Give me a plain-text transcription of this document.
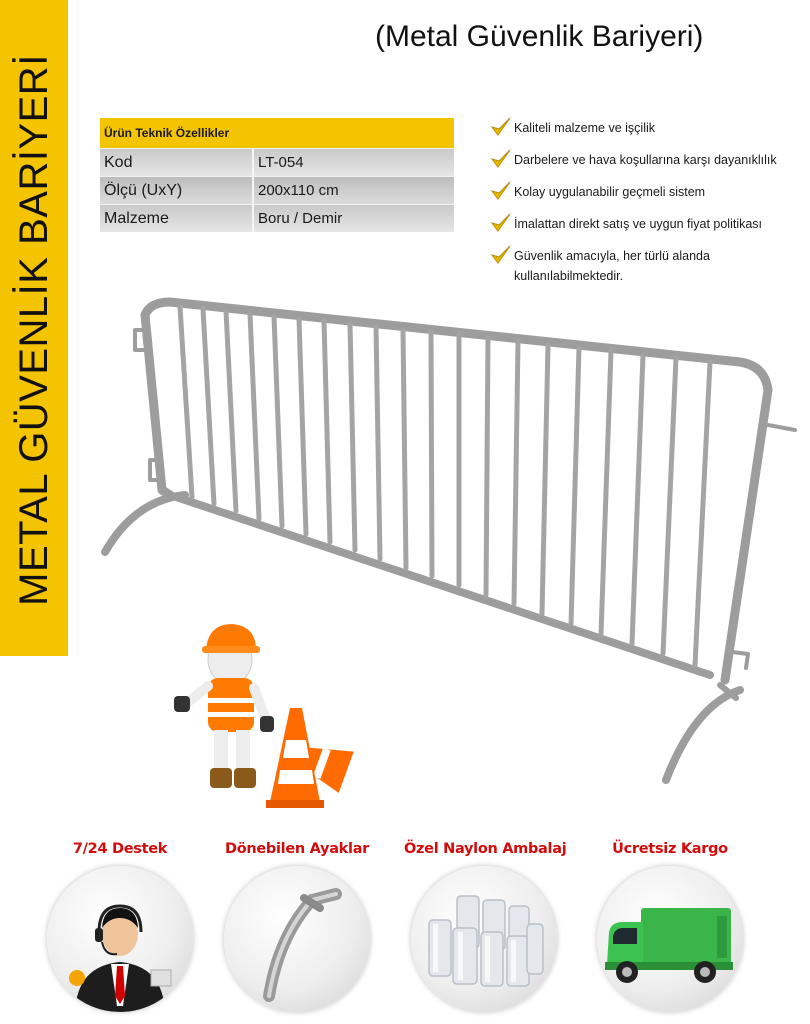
METAL GÜVENLİK BARİYERİ
(Metal Güvenlik Bariyeri)
Ürün Teknik Özellikler
Kod	LT-054
Ölçü (UxY)	200x110 cm
Malzeme	Boru / Demir
Kaliteli malzeme ve işçilik
Darbelere ve hava koşullarına karşı dayanıklılık
Kolay uygulanabilir geçmeli sistem
İmalattan direkt satış ve uygun fiyat politikası
Güvenlik amacıyla, her türlü alanda
kullanılabilmektedir.
7/24 Destek	Dönebilen Ayaklar	Özel Naylon Ambalaj	Ücretsiz Kargo
